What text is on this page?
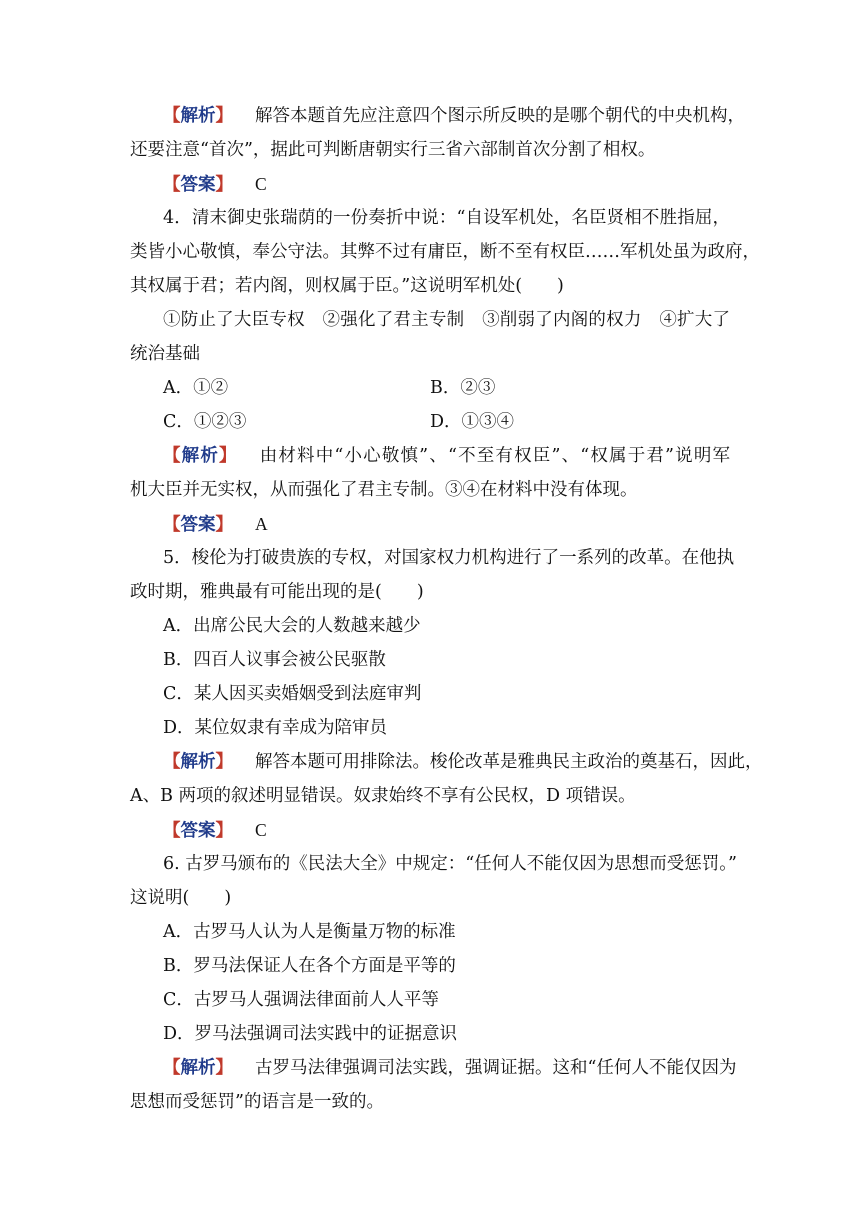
【解析】 解答本题首先应注意四个图示所反映的是哪个朝代的中央机构，
还要注意“首次”，据此可判断唐朝实行三省六部制首次分割了相权。
【答案】 C
4．清末御史张瑞荫的一份奏折中说：“自设军机处，名臣贤相不胜指屈，
类皆小心敬慎，奉公守法。其弊不过有庸臣，断不至有权臣……军机处虽为政府，
其权属于君；若内阁，则权属于臣。”这说明军机处(　　)
①防止了大臣专权　②强化了君主专制　③削弱了内阁的权力　④扩大了
统治基础
A．①②	B．②③
C．①②③	D．①③④
【解析】 由材料中“小心敬慎”、“不至有权臣”、“权属于君”说明军
机大臣并无实权，从而强化了君主专制。③④在材料中没有体现。
【答案】 A
5．梭伦为打破贵族的专权，对国家权力机构进行了一系列的改革。在他执
政时期，雅典最有可能出现的是(　　)
A．出席公民大会的人数越来越少
B．四百人议事会被公民驱散
C．某人因买卖婚姻受到法庭审判
D．某位奴隶有幸成为陪审员
【解析】 解答本题可用排除法。梭伦改革是雅典民主政治的奠基石，因此，
A、B 两项的叙述明显错误。奴隶始终不享有公民权，D 项错误。
【答案】 C
6. 古罗马颁布的《民法大全》中规定：“任何人不能仅因为思想而受惩罚。”
这说明(　　)
A．古罗马人认为人是衡量万物的标准
B．罗马法保证人在各个方面是平等的
C．古罗马人强调法律面前人人平等
D．罗马法强调司法实践中的证据意识
【解析】 古罗马法律强调司法实践，强调证据。这和“任何人不能仅因为
思想而受惩罚”的语言是一致的。
